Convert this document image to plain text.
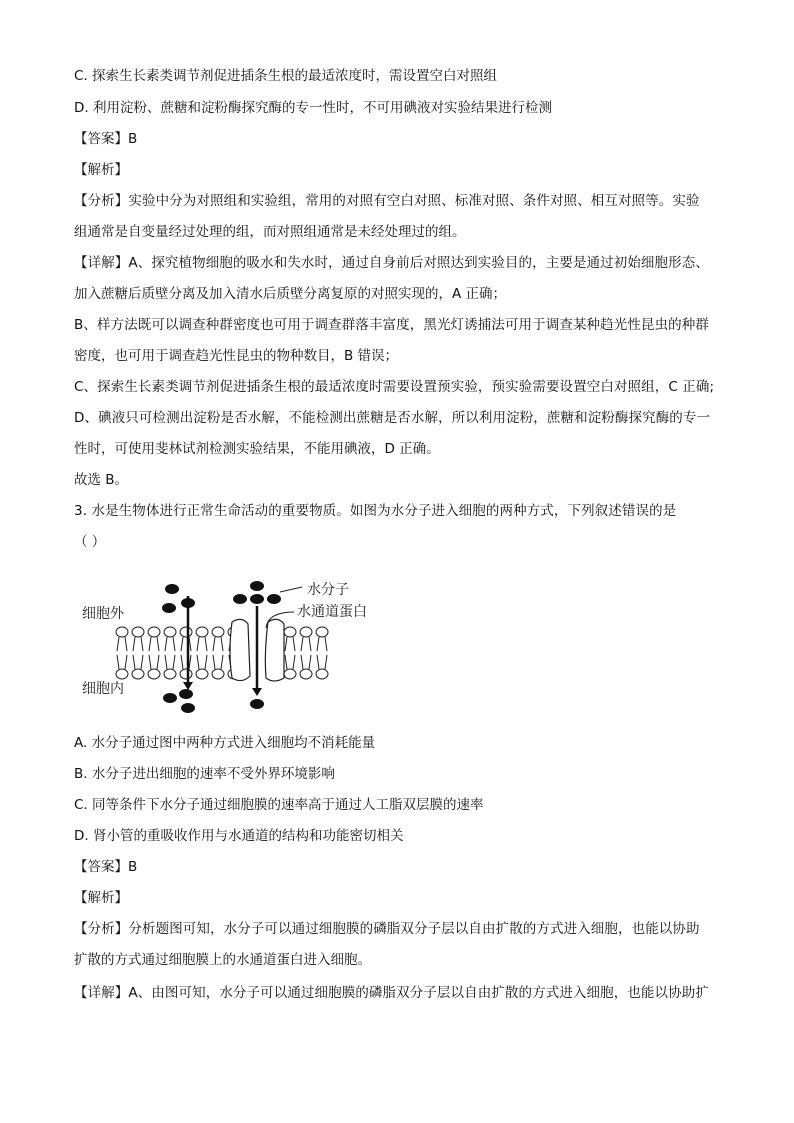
C. 探索生长素类调节剂促进插条生根的最适浓度时，需设置空白对照组
D. 利用淀粉、蔗糖和淀粉酶探究酶的专一性时，不可用碘液对实验结果进行检测
【答案】B
【解析】
【分析】实验中分为对照组和实验组，常用的对照有空白对照、标准对照、条件对照、相互对照等。实验
组通常是自变量经过处理的组，而对照组通常是未经处理过的组。
【详解】A、探究植物细胞的吸水和失水时，通过自身前后对照达到实验目的，主要是通过初始细胞形态、
加入蔗糖后质壁分离及加入清水后质壁分离复原的对照实现的，A 正确；
B、样方法既可以调查种群密度也可用于调查群落丰富度，黑光灯诱捕法可用于调查某种趋光性昆虫的种群
密度，也可用于调查趋光性昆虫的物种数目，B 错误；
C、探索生长素类调节剂促进插条生根的最适浓度时需要设置预实验，预实验需要设置空白对照组，C 正确;
D、碘液只可检测出淀粉是否水解，不能检测出蔗糖是否水解，所以利用淀粉，蔗糖和淀粉酶探究酶的专一
性时，可使用斐林试剂检测实验结果，不能用碘液，D 正确。
故选 B。
3. 水是生物体进行正常生命活动的重要物质。如图为水分子进入细胞的两种方式，下列叙述错误的是
（ ）
细胞外
细胞内
水分子
水通道蛋白
A. 水分子通过图中两种方式进入细胞均不消耗能量
B. 水分子进出细胞的速率不受外界环境影响
C. 同等条件下水分子通过细胞膜的速率高于通过人工脂双层膜的速率
D. 肾小管的重吸收作用与水通道的结构和功能密切相关
【答案】B
【解析】
【分析】分析题图可知，水分子可以通过细胞膜的磷脂双分子层以自由扩散的方式进入细胞，也能以协助
扩散的方式通过细胞膜上的水通道蛋白进入细胞。
【详解】A、由图可知，水分子可以通过细胞膜的磷脂双分子层以自由扩散的方式进入细胞，也能以协助扩
